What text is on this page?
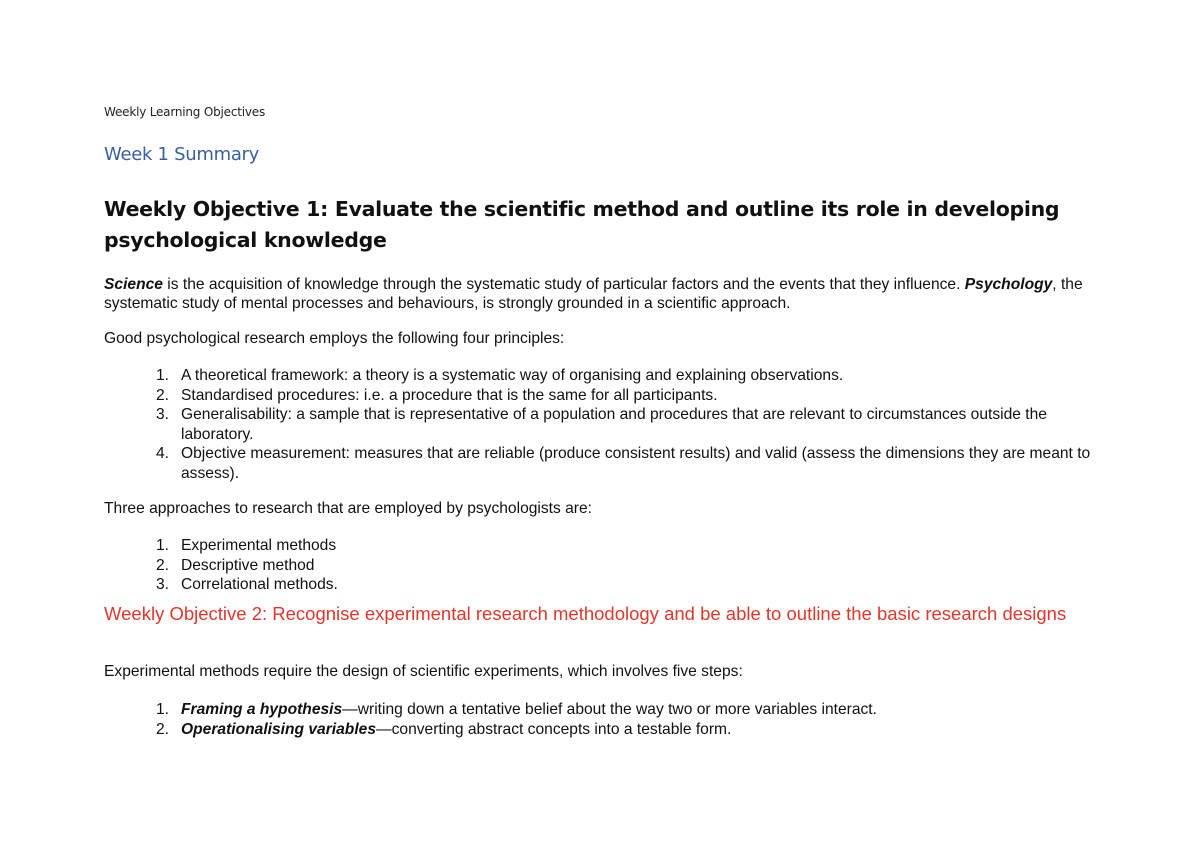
Weekly Learning Objectives
Week 1 Summary
Weekly Objective 1: Evaluate the scientific method and outline its role in developing psychological knowledge
Science is the acquisition of knowledge through the systematic study of particular factors and the events that they influence. Psychology, the systematic study of mental processes and behaviours, is strongly grounded in a scientific approach.
Good psychological research employs the following four principles:
1. A theoretical framework: a theory is a systematic way of organising and explaining observations.
2. Standardised procedures: i.e. a procedure that is the same for all participants.
3. Generalisability: a sample that is representative of a population and procedures that are relevant to circumstances outside the laboratory.
4. Objective measurement: measures that are reliable (produce consistent results) and valid (assess the dimensions they are meant to assess).
Three approaches to research that are employed by psychologists are:
1. Experimental methods
2. Descriptive method
3. Correlational methods.
Weekly Objective 2: Recognise experimental research methodology and be able to outline the basic research designs
Experimental methods require the design of scientific experiments, which involves five steps:
1. Framing a hypothesis—writing down a tentative belief about the way two or more variables interact.
2. Operationalising variables—converting abstract concepts into a testable form.
